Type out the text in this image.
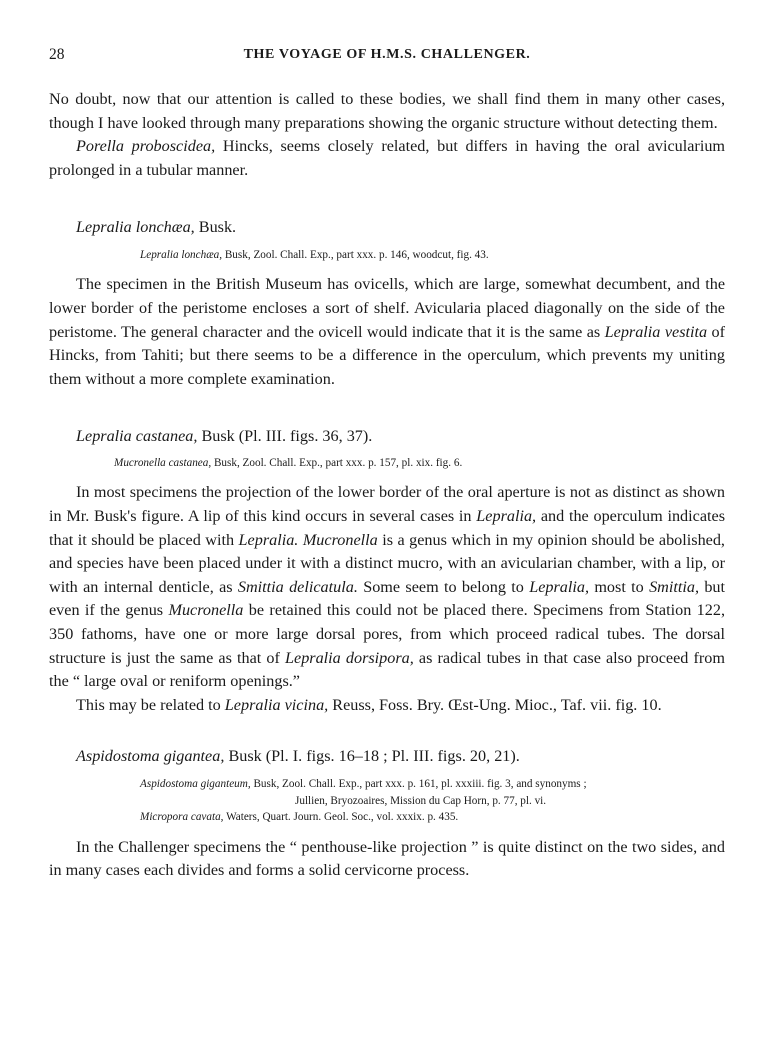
28	THE VOYAGE OF H.M.S. CHALLENGER.

No doubt, now that our attention is called to these bodies, we shall find them in many other cases, though I have looked through many preparations showing the organic structure without detecting them.

Porella proboscidea, Hincks, seems closely related, but differs in having the oral avicularium prolonged in a tubular manner.

Lepralia lonchæa, Busk.
Lepralia lonchæa, Busk, Zool. Chall. Exp., part xxx. p. 146, woodcut, fig. 43.

The specimen in the British Museum has ovicells, which are large, somewhat decumbent, and the lower border of the peristome encloses a sort of shelf. Avicularia placed diagonally on the side of the peristome. The general character and the ovicell would indicate that it is the same as Lepralia vestita of Hincks, from Tahiti; but there seems to be a difference in the operculum, which prevents my uniting them without a more complete examination.

Lepralia castanea, Busk (Pl. III. figs. 36, 37).
Mucronella castanea, Busk, Zool. Chall. Exp., part xxx. p. 157, pl. xix. fig. 6.

In most specimens the projection of the lower border of the oral aperture is not as distinct as shown in Mr. Busk's figure. A lip of this kind occurs in several cases in Lepralia, and the operculum indicates that it should be placed with Lepralia. Mucronella is a genus which in my opinion should be abolished, and species have been placed under it with a distinct mucro, with an avicularian chamber, with a lip, or with an internal denticle, as Smittia delicatula. Some seem to belong to Lepralia, most to Smittia, but even if the genus Mucronella be retained this could not be placed there. Specimens from Station 122, 350 fathoms, have one or more large dorsal pores, from which proceed radical tubes. The dorsal structure is just the same as that of Lepralia dorsipora, as radical tubes in that case also proceed from the “ large oval or reniform openings.”

This may be related to Lepralia vicina, Reuss, Foss. Bry. Œst-Ung. Mioc., Taf. vii. fig. 10.

Aspidostoma gigantea, Busk (Pl. I. figs. 16–18 ; Pl. III. figs. 20, 21).
Aspidostoma giganteum, Busk, Zool. Chall. Exp., part xxx. p. 161, pl. xxxiii. fig. 3, and synonyms ;
Jullien, Bryozoaires, Mission du Cap Horn, p. 77, pl. vi.
Micropora cavata, Waters, Quart. Journ. Geol. Soc., vol. xxxix. p. 435.

In the Challenger specimens the “ penthouse-like projection ” is quite distinct on the two sides, and in many cases each divides and forms a solid cervicorne process.
